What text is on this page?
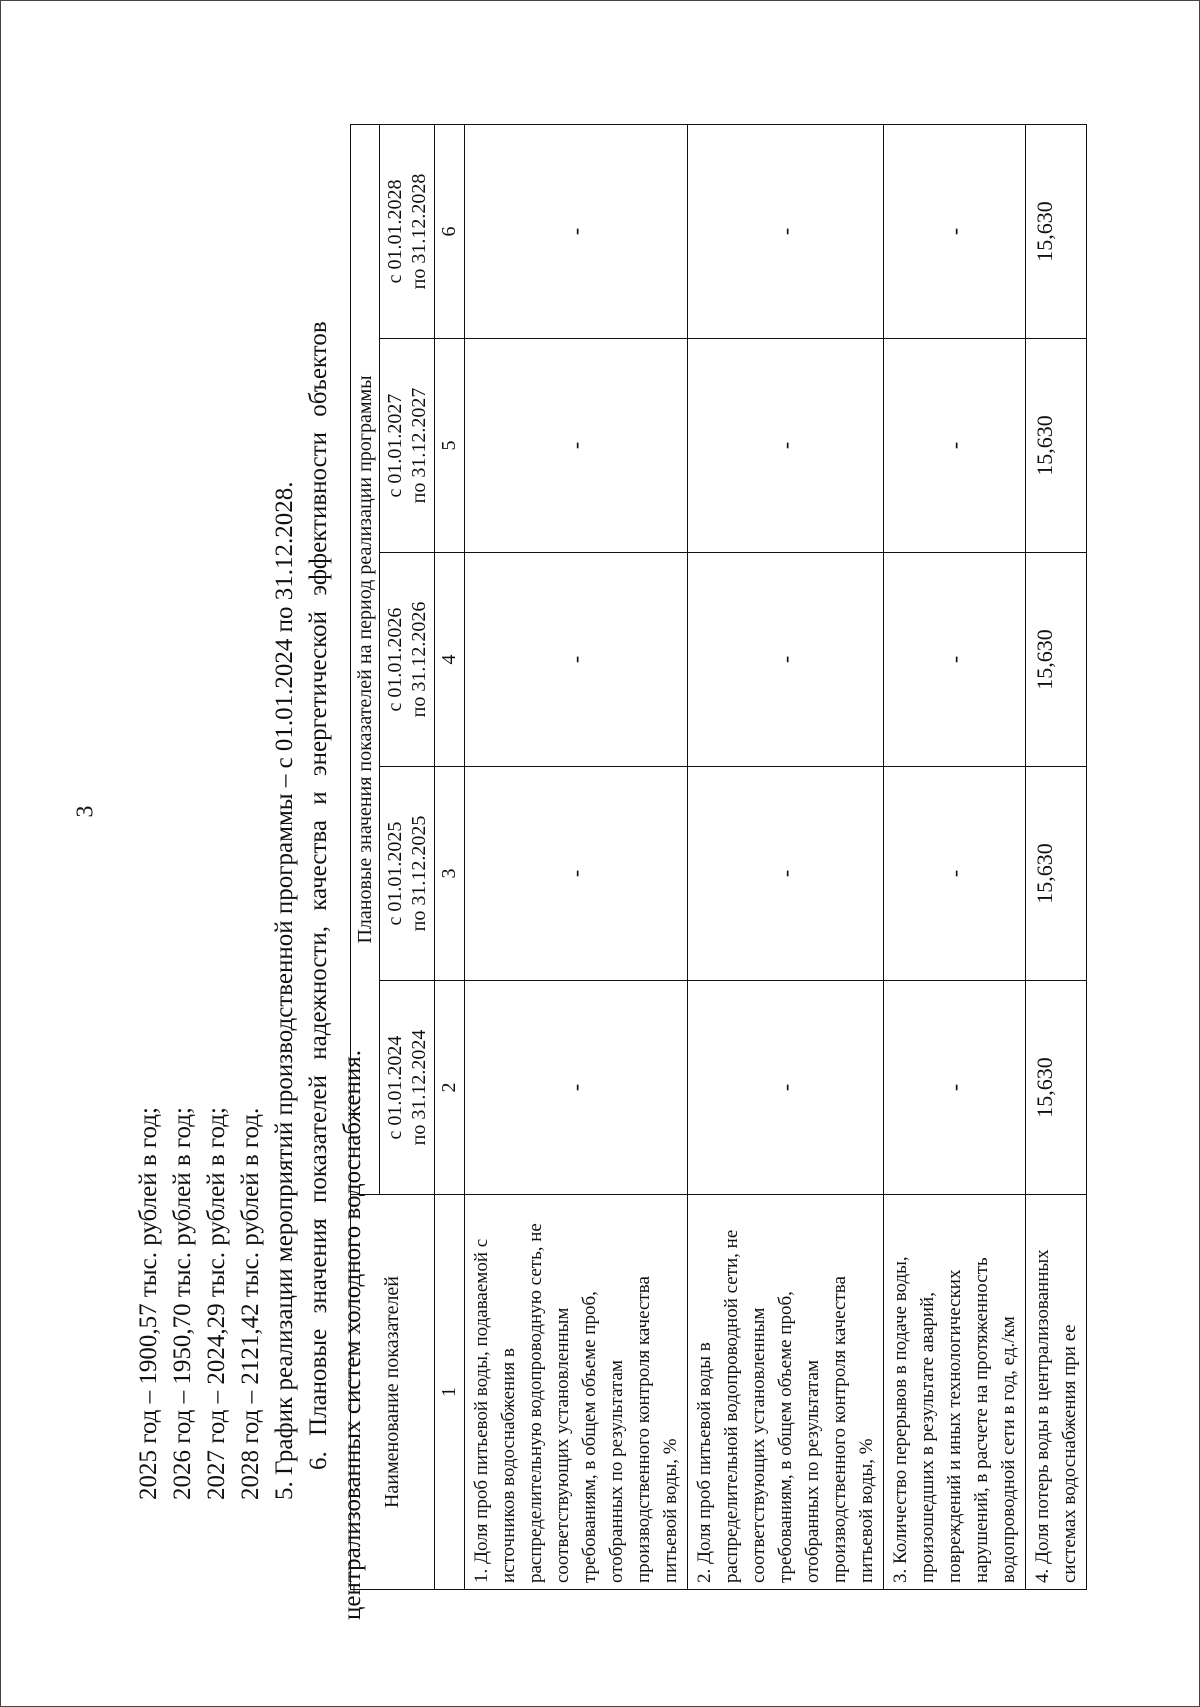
3
2025 год – 1900,57 тыс. рублей в год; 2026 год – 1950,70 тыс. рублей в год; 2027 год – 2024,29 тыс. рублей в год; 2028 год – 2121,42 тыс. рублей в год. 5. График реализации мероприятий производственной программы – с 01.01.2024 по 31.12.2028. 6. Плановые значения показателей надежности, качества и энергетической эффективности объектов централизованных систем холодного водоснабжения. Наименование показателей	Плановые значения показателей на период реализации программы				
	с 01.01.2024 по 31.12.2024	с 01.01.2025 по 31.12.2025	с 01.01.2026 по 31.12.2026	с 01.01.2027 по 31.12.2027	с 01.01.2028 по 31.12.2028
1	2	3	4	5	6
1. Доля проб питьевой воды, подаваемой с источников водоснабжения в распределительную водопроводную сеть, не соответствующих установленным требованиям, в общем объеме проб, отобранных по результатам производственного контроля качества питьевой воды, %	-	-	-	-	-
2. Доля проб питьевой воды в распределительной водопроводной сети, не соответствующих установленным требованиям, в общем объеме проб, отобранных по результатам производственного контроля качества питьевой воды, %	-	-	-	-	-
3. Количество перерывов в подаче воды, произошедших в результате аварий, повреждений и иных технологических нарушений, в расчете на протяженность водопроводной сети в год, ед./км	-	-	-	-	-
4. Доля потерь воды в централизованных системах водоснабжения при ее	15,630	15,630	15,630	15,630	15,630
